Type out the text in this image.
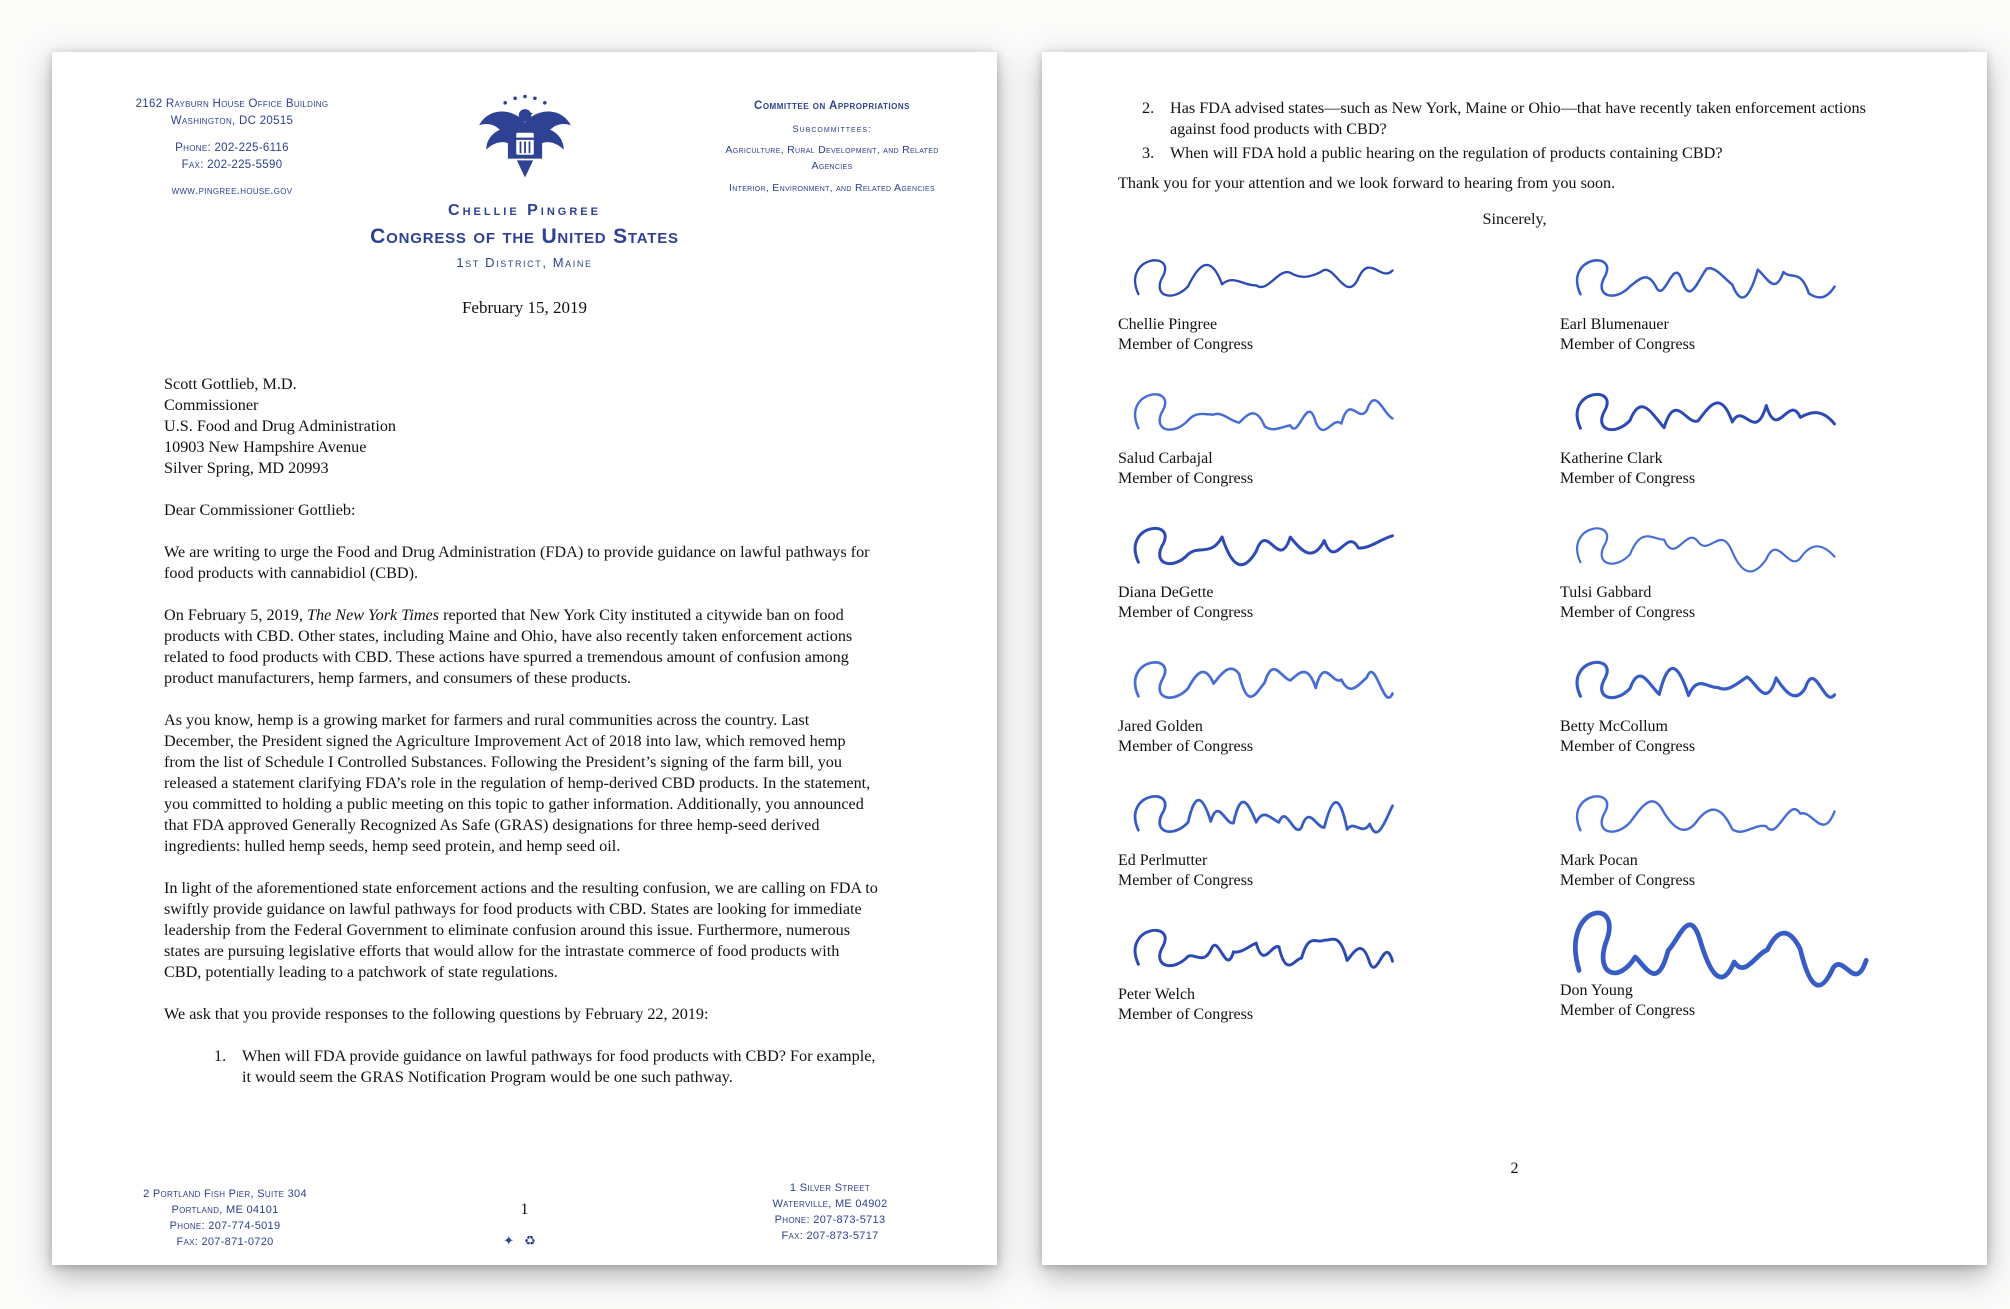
2162 Rayburn House Office Building
Washington, DC 20515
Phone: 202-225-6116
Fax: 202-225-5590
www.pingree.house.gov
Committee on Appropriations
Subcommittees:
Agriculture, Rural Development, and Related Agencies
Interior, Environment, and Related Agencies
Chellie Pingree
Congress of the United States
1st District, Maine
February 15, 2019
Scott Gottlieb, M.D.
Commissioner
U.S. Food and Drug Administration
10903 New Hampshire Avenue
Silver Spring, MD 20993
Dear Commissioner Gottlieb:

We are writing to urge the Food and Drug Administration (FDA) to provide guidance on lawful pathways for food products with cannabidiol (CBD).

On February 5, 2019, The New York Times reported that New York City instituted a citywide ban on food products with CBD. Other states, including Maine and Ohio, have also recently taken enforcement actions related to food products with CBD. These actions have spurred a tremendous amount of confusion among product manufacturers, hemp farmers, and consumers of these products.

As you know, hemp is a growing market for farmers and rural communities across the country. Last December, the President signed the Agriculture Improvement Act of 2018 into law, which removed hemp from the list of Schedule I Controlled Substances. Following the President’s signing of the farm bill, you released a statement clarifying FDA’s role in the regulation of hemp-derived CBD products. In the statement, you committed to holding a public meeting on this topic to gather information. Additionally, you announced that FDA approved Generally Recognized As Safe (GRAS) designations for three hemp-seed derived ingredients: hulled hemp seeds, hemp seed protein, and hemp seed oil.

In light of the aforementioned state enforcement actions and the resulting confusion, we are calling on FDA to swiftly provide guidance on lawful pathways for food products with CBD. States are looking for immediate leadership from the Federal Government to eliminate confusion around this issue. Furthermore, numerous states are pursuing legislative efforts that would allow for the intrastate commerce of food products with CBD, potentially leading to a patchwork of state regulations.

We ask that you provide responses to the following questions by February 22, 2019:

1. When will FDA provide guidance on lawful pathways for food products with CBD? For example, it would seem the GRAS Notification Program would be one such pathway.
2 Portland Fish Pier, Suite 304
Portland, ME 04101
Phone: 207-774-5019
Fax: 207-871-0720
1
✦♻
1 Silver Street
Waterville, ME 04902
Phone: 207-873-5713
Fax: 207-873-5717
2. Has FDA advised states—such as New York, Maine or Ohio—that have recently taken enforcement actions against food products with CBD?
3. When will FDA hold a public hearing on the regulation of products containing CBD?

Thank you for your attention and we look forward to hearing from you soon.

Sincerely,

Chellie Pingree
Member of Congress
Earl Blumenauer
Member of Congress
Salud Carbajal
Member of Congress
Katherine Clark
Member of Congress
Diana DeGette
Member of Congress
Tulsi Gabbard
Member of Congress
Jared Golden
Member of Congress
Betty McCollum
Member of Congress
Ed Perlmutter
Member of Congress
Mark Pocan
Member of Congress
Peter Welch
Member of Congress
Don Young
Member of Congress
2
